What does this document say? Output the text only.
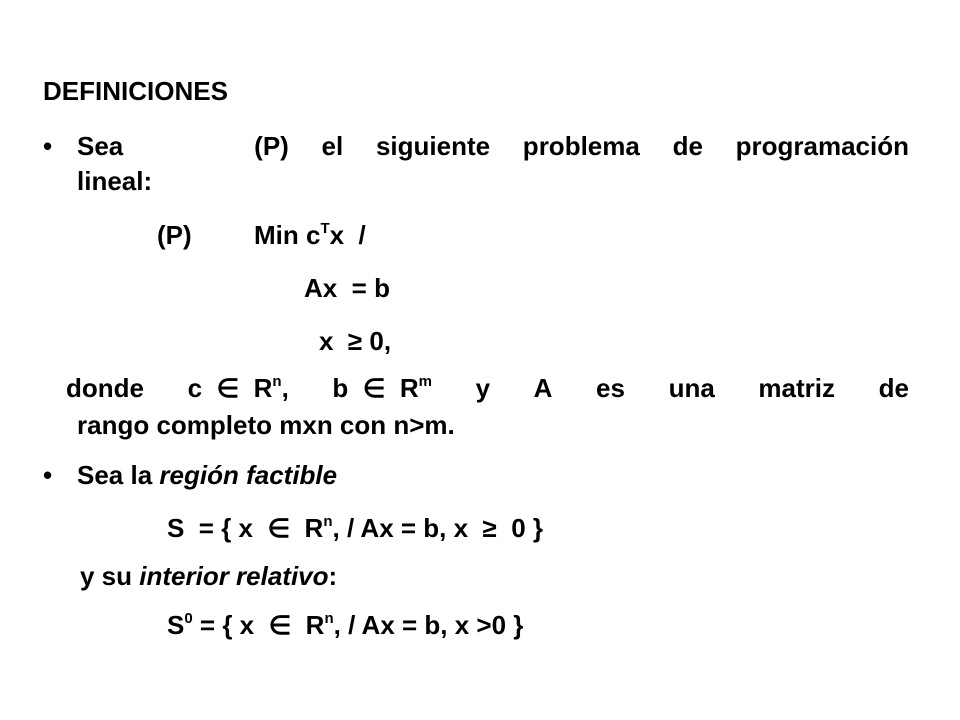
DEFINICIONES
• Sea    (P) el siguiente problema de programación
lineal:
(P) Min $c^Tx$  /
Ax  = b
x  ≥ 0,
donde c  ∈  $R^n$, b  ∈  $R^m$ y A es una matriz de
rango completo mxn con n>m.
• Sea la región factible
S  = { x  ∈  $R^n$, / Ax = b, x  ≥  0 }
y su interior relativo:
$S^0$ = { x  ∈  $R^n$, / Ax = b, x >0 }
